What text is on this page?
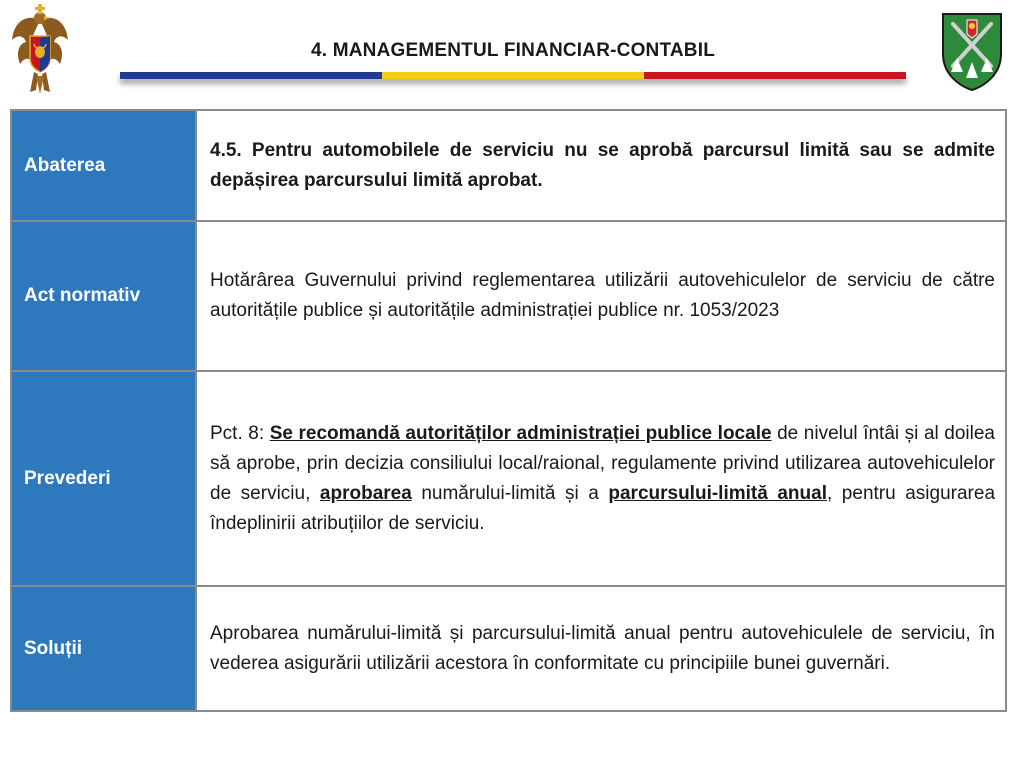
4. MANAGEMENTUL FINANCIAR-CONTABIL
Abaterea	4.5. Pentru automobilele de serviciu nu se aprobă parcursul limită sau se admite depășirea parcursului limită aprobat.
Act normativ	Hotărârea Guvernului privind reglementarea utilizării autovehiculelor de serviciu de către autoritățile publice și autoritățile administrației publice nr. 1053/2023
Prevederi	Pct. 8: Se recomandă autorităților administrației publice locale de nivelul întâi și al doilea să aprobe, prin decizia consiliului local/raional, regulamente privind utilizarea autovehiculelor de serviciu, aprobarea numărului-limită și a parcursului-limită anual, pentru asigurarea îndeplinirii atribuțiilor de serviciu.
Soluții	Aprobarea numărului-limită și parcursului-limită anual pentru autovehiculele de serviciu, în vederea asigurării utilizării acestora în conformitate cu principiile bunei guvernări.
